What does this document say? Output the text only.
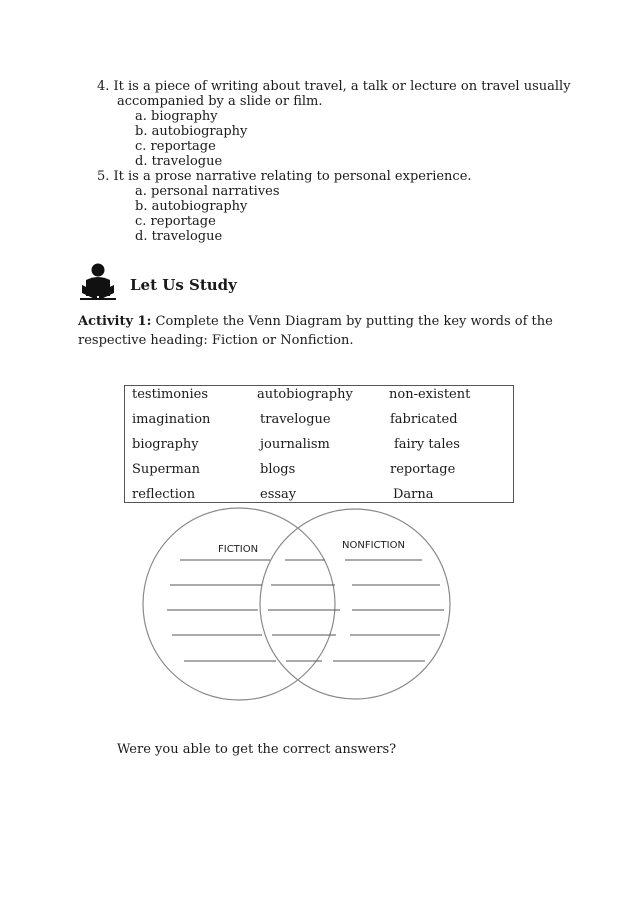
4. It is a piece of writing about travel, a talk or lecture on travel usually
accompanied by a slide or film.
a. biography
b. autobiography
c. reportage
d. travelogue
5. It is a prose narrative relating to personal experience.
a. personal narratives
b. autobiography
c. reportage
d. travelogue
FICTION	NONFICTION
Let Us Study
Activity 1: Complete the Venn Diagram by putting the key words of the respective heading: Fiction or Nonfiction.
testimonies	autobiography	non-existent
imagination	travelogue	fabricated
biography	journalism	fairy tales
Superman	blogs	reportage
reflection	essay	Darna
Were you able to get the correct answers?
